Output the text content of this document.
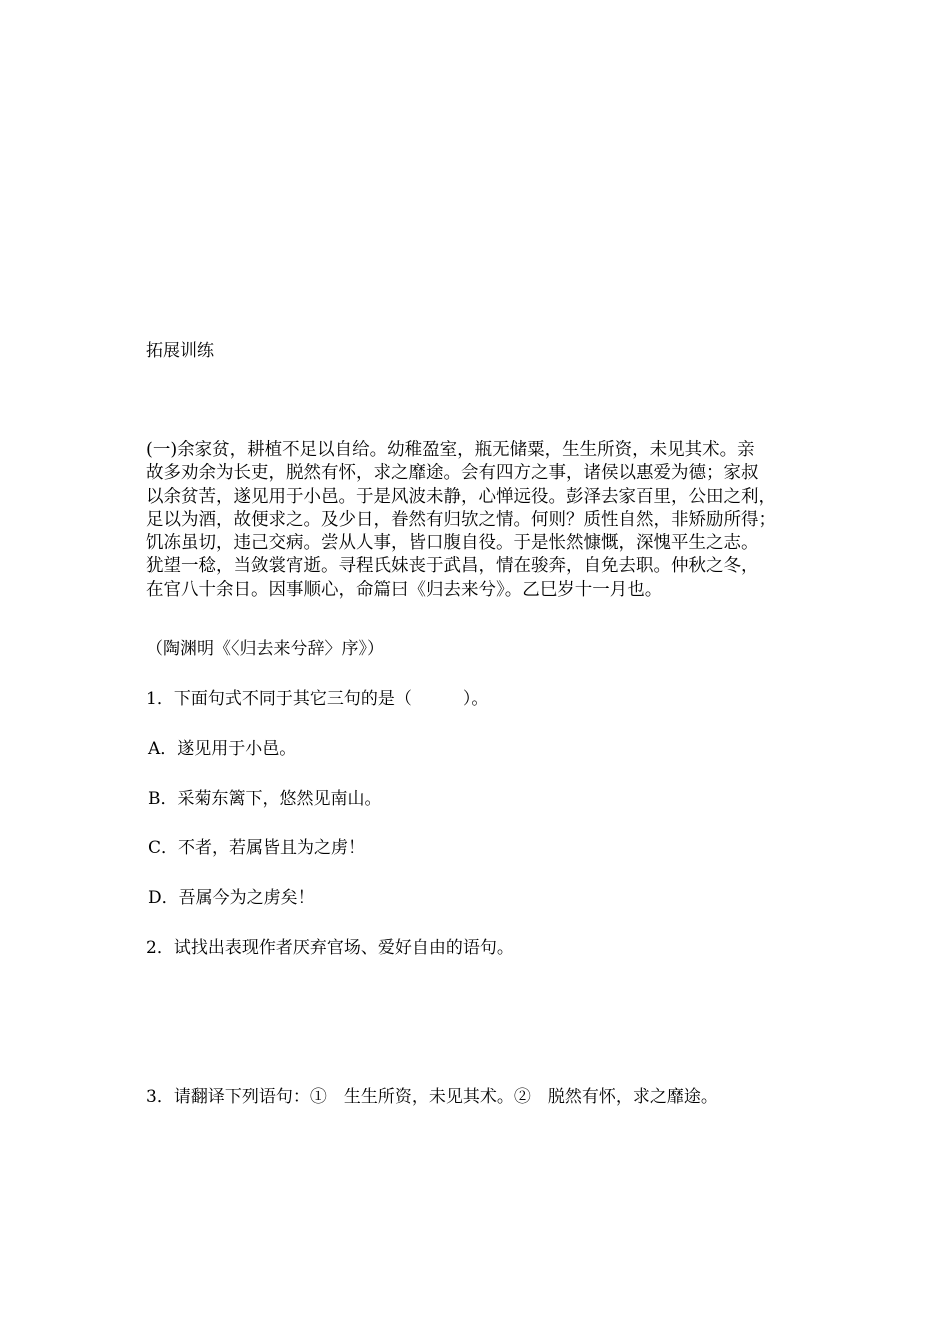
拓展训练
(一)余家贫，耕植不足以自给。幼稚盈室，瓶无储粟，生生所资，未见其术。亲
故多劝余为长吏，脱然有怀，求之靡途。会有四方之事，诸侯以惠爱为德；家叔
以余贫苦，遂见用于小邑。于是风波未静，心惮远役。彭泽去家百里，公田之利，
足以为酒，故便求之。及少日，眷然有归欤之情。何则？质性自然，非矫励所得；
饥冻虽切，违己交病。尝从人事，皆口腹自役。于是怅然慷慨，深愧平生之志。
犹望一稔，当敛裳宵逝。寻程氏妹丧于武昌，情在骏奔，自免去职。仲秋之冬，
在官八十余日。因事顺心，命篇曰《归去来兮》。乙巳岁十一月也。
（陶渊明《〈归去来兮辞〉序》）
1．下面句式不同于其它三句的是（　　　）。
A．遂见用于小邑。
B．采菊东篱下，悠然见南山。
C．不者，若属皆且为之虏！
D．吾属今为之虏矣！
2．试找出表现作者厌弃官场、爱好自由的语句。
3．请翻译下列语句：①　生生所资，未见其术。②　脱然有怀，求之靡途。
